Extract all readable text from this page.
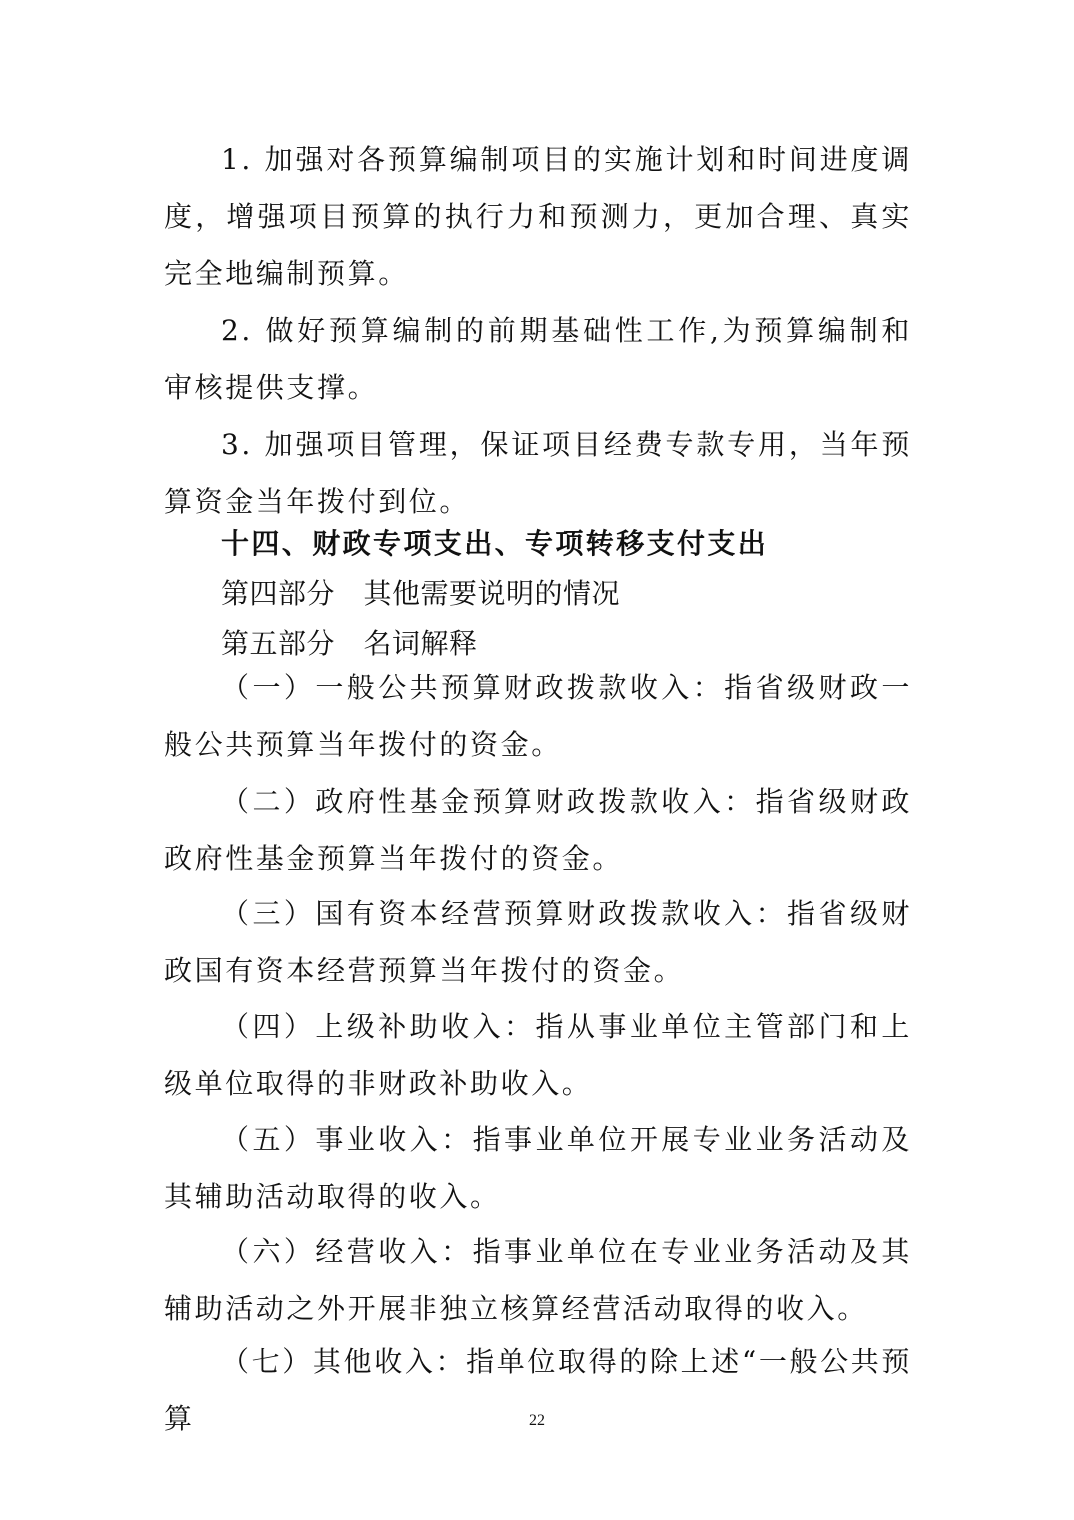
1. 加强对各预算编制项目的实施计划和时间进度调度，增强项目预算的执行力和预测力，更加合理、真实完全地编制预算。

2. 做好预算编制的前期基础性工作,为预算编制和审核提供支撑。

3. 加强项目管理，保证项目经费专款专用，当年预算资金当年拨付到位。

十四、财政专项支出、专项转移支付支出
第四部分　其他需要说明的情况
第五部分　名词解释

（一）一般公共预算财政拨款收入：指省级财政一般公共预算当年拨付的资金。

（二）政府性基金预算财政拨款收入：指省级财政政府性基金预算当年拨付的资金。

（三）国有资本经营预算财政拨款收入：指省级财政国有资本经营预算当年拨付的资金。

（四）上级补助收入：指从事业单位主管部门和上级单位取得的非财政补助收入。

（五）事业收入：指事业单位开展专业业务活动及其辅助活动取得的收入。

（六）经营收入：指事业单位在专业业务活动及其辅助活动之外开展非独立核算经营活动取得的收入。

（七）其他收入：指单位取得的除上述“一般公共预算	22
